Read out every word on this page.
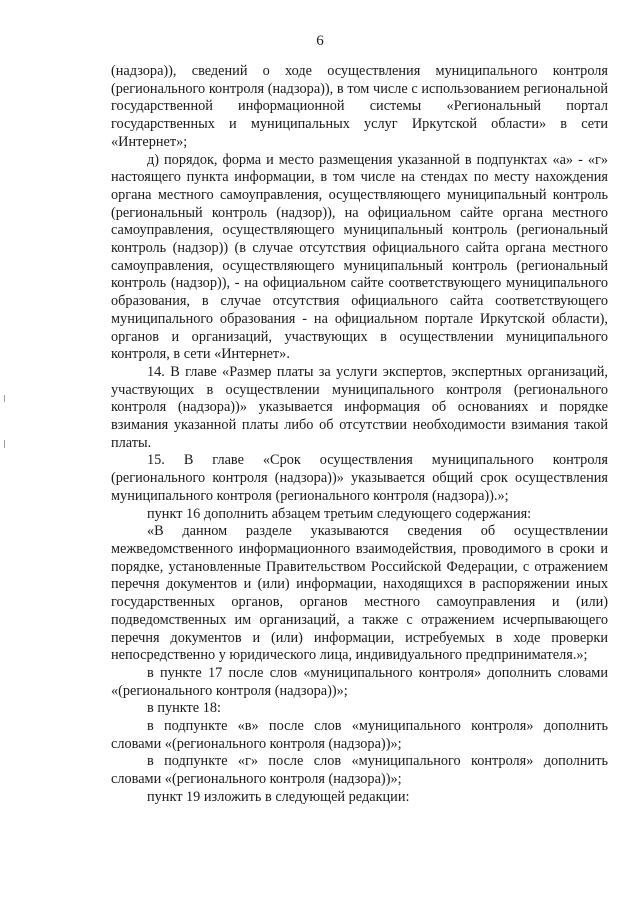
6

(надзора)), сведений о ходе осуществления муниципального контроля (регионального контроля (надзора)), в том числе с использованием региональной государственной информационной системы «Региональный портал государственных и муниципальных услуг Иркутской области» в сети «Интернет»;

д) порядок, форма и место размещения указанной в подпунктах «а» - «г» настоящего пункта информации, в том числе на стендах по месту нахождения органа местного самоуправления, осуществляющего муниципальный контроль (региональный контроль (надзор)), на официальном сайте органа местного самоуправления, осуществляющего муниципальный контроль (региональный контроль (надзор)) (в случае отсутствия официального сайта органа местного самоуправления, осуществляющего муниципальный контроль (региональный контроль (надзор)), - на официальном сайте соответствующего муниципального образования, в случае отсутствия официального сайта соответствующего муниципального образования - на официальном портале Иркутской области), органов и организаций, участвующих в осуществлении муниципального контроля, в сети «Интернет».

14. В главе «Размер платы за услуги экспертов, экспертных организаций, участвующих в осуществлении муниципального контроля (регионального контроля (надзора))» указывается информация об основаниях и порядке взимания указанной платы либо об отсутствии необходимости взимания такой платы.

15. В главе «Срок осуществления муниципального контроля (регионального контроля (надзора))» указывается общий срок осуществления муниципального контроля (регионального контроля (надзора)).»;

пункт 16 дополнить абзацем третьим следующего содержания:

«В данном разделе указываются сведения об осуществлении межведомственного информационного взаимодействия, проводимого в сроки и порядке, установленные Правительством Российской Федерации, с отражением перечня документов и (или) информации, находящихся в распоряжении иных государственных органов, органов местного самоуправления и (или) подведомственных им организаций, а также с отражением исчерпывающего перечня документов и (или) информации, истребуемых в ходе проверки непосредственно у юридического лица, индивидуального предпринимателя.»;

в пункте 17 после слов «муниципального контроля» дополнить словами «(регионального контроля (надзора))»;

в пункте 18:

в подпункте «в» после слов «муниципального контроля» дополнить словами «(регионального контроля (надзора))»;

в подпункте «г» после слов «муниципального контроля» дополнить словами «(регионального контроля (надзора))»;

пункт 19 изложить в следующей редакции:
